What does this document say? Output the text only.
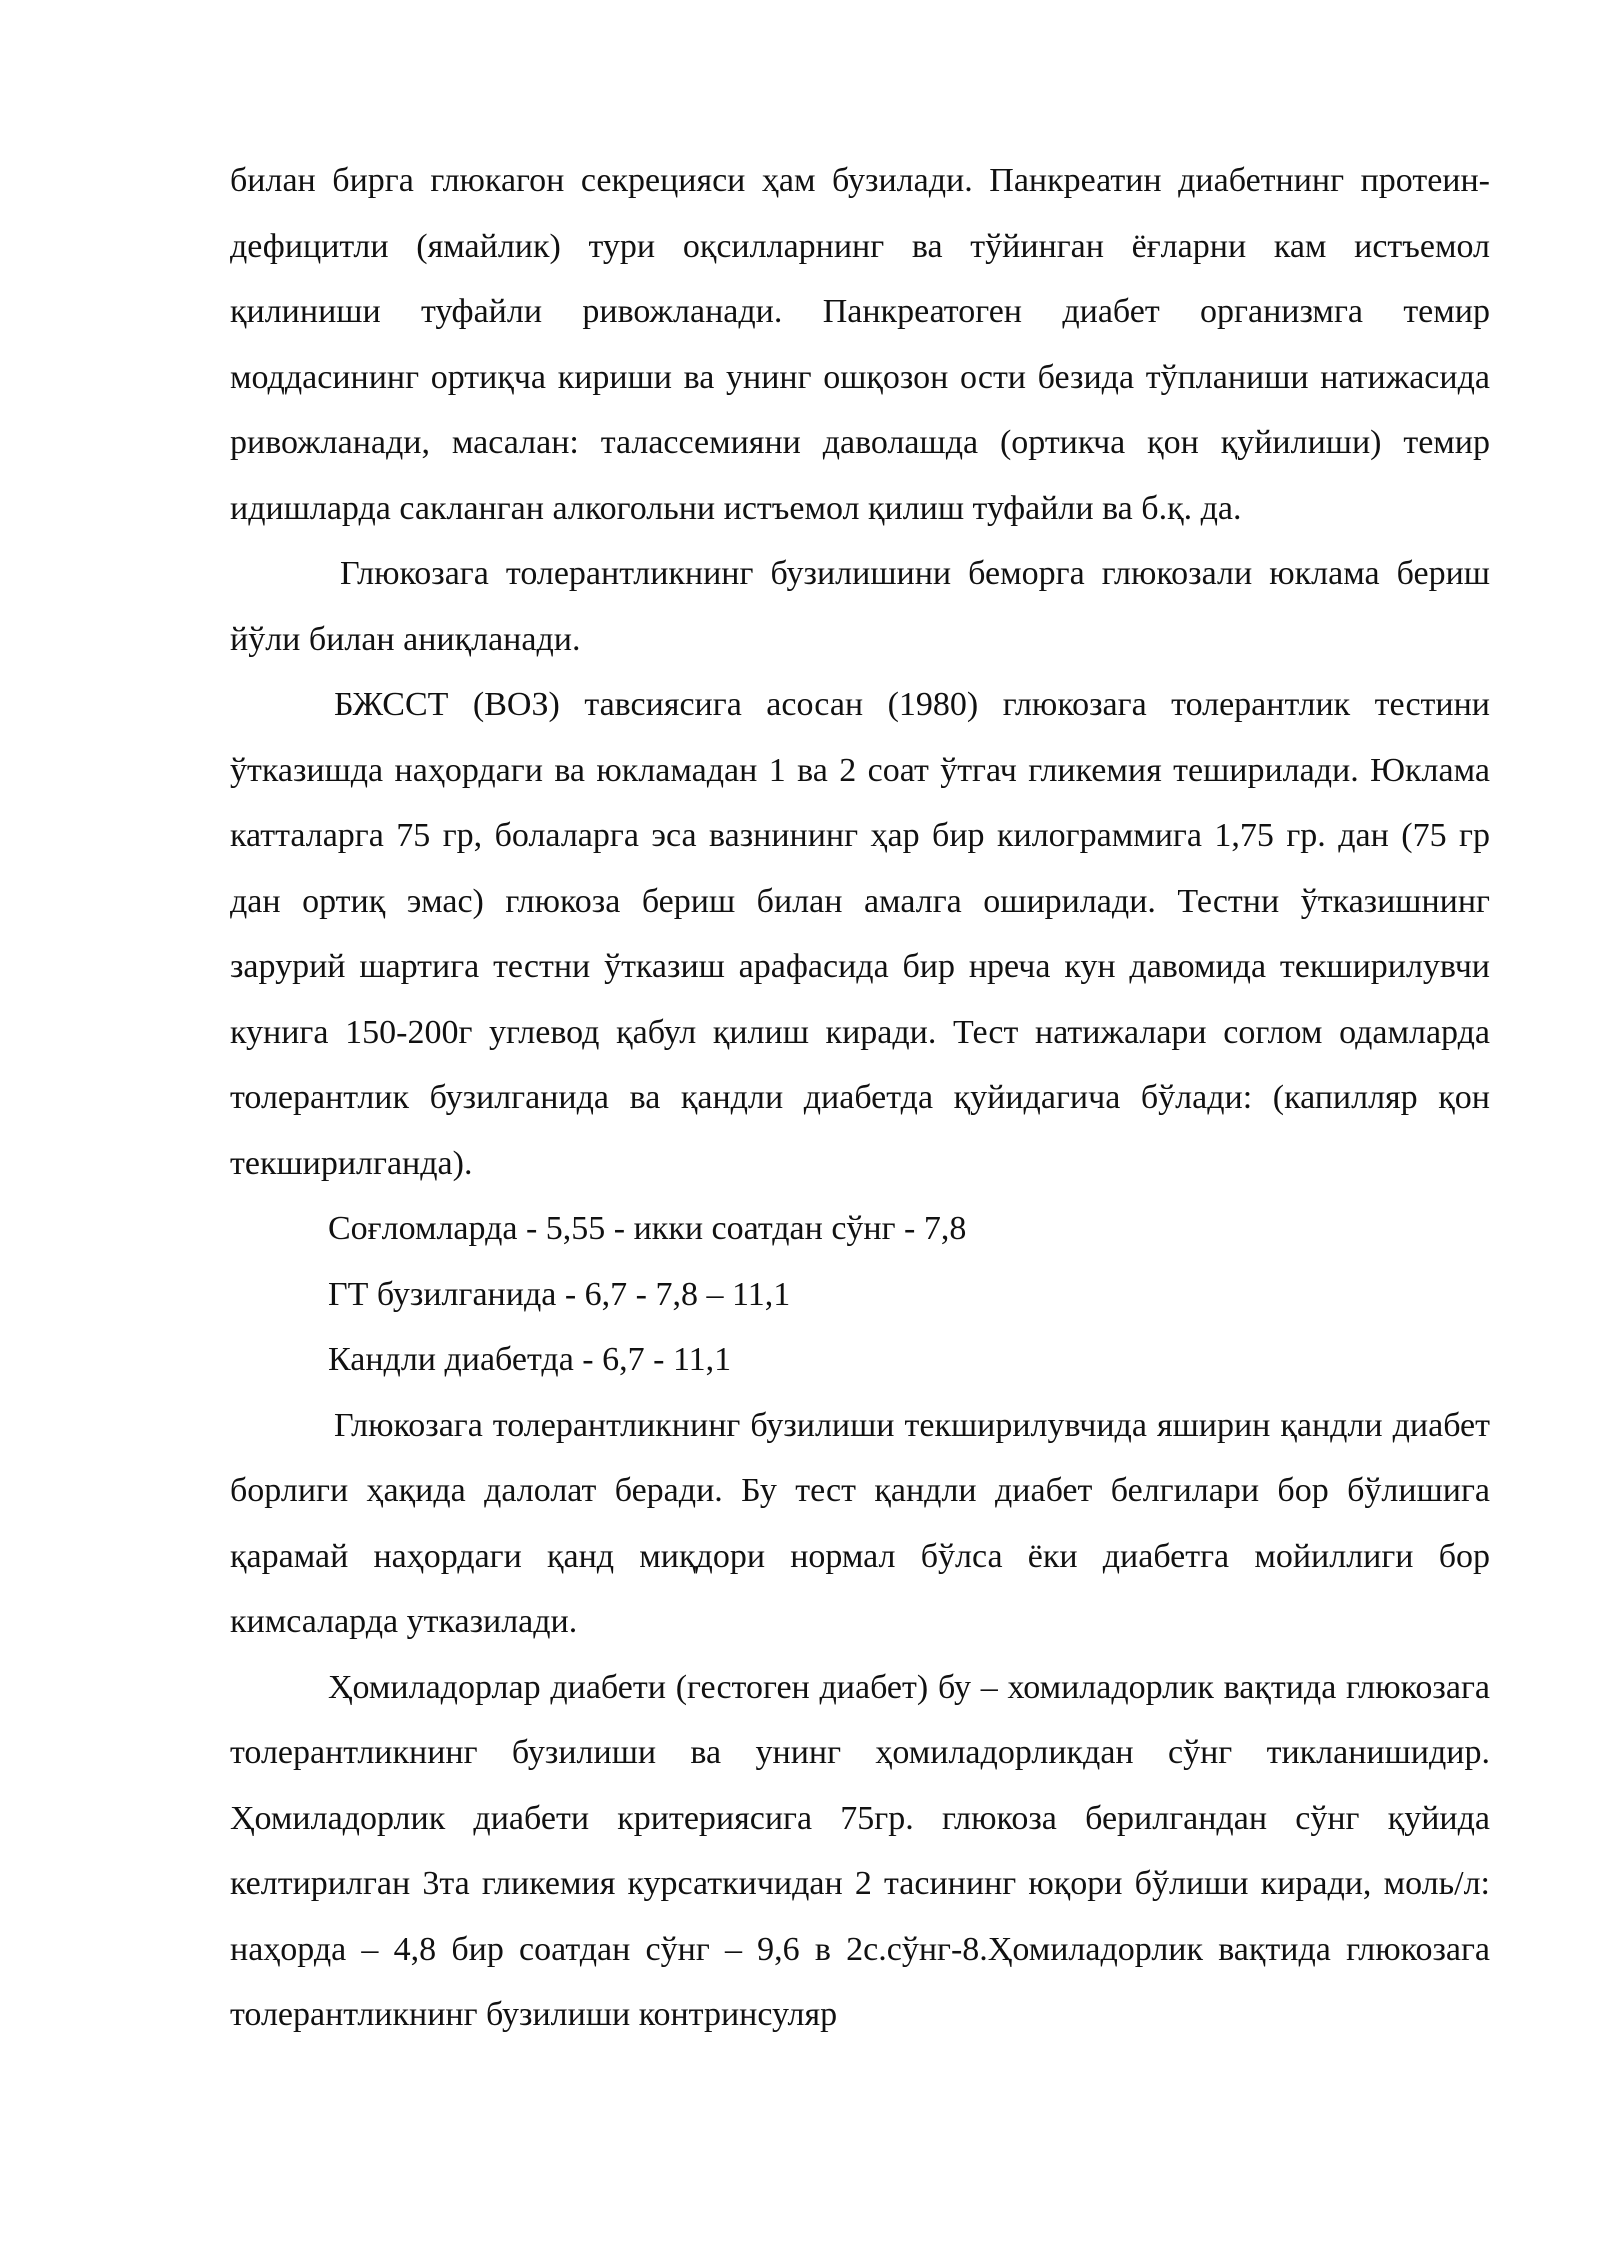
билан бирга глюкагон секрецияси ҳам бузилади. Панкреатин диабетнинг протеин-дефицитли (ямайлик) тури оқсилларнинг ва тўйинган ёғларни кам истъемол қилиниши туфайли ривожланади. Панкреатоген диабет организмга темир моддасининг ортиқча кириши ва унинг ошқозон ости безида тўпланиши натижасида ривожланади, масалан: талассемияни даволашда (ортикча қон қуйилиши) темир идишларда сакланган алкогольни истъемол қилиш туфайли ва б.қ. да.

Глюкозага толерантликнинг бузилишини беморга глюкозали юклама бериш йўли билан аниқланади.

БЖССТ (ВОЗ) тавсиясига асосан (1980) глюкозага толерантлик тестини ўтказишда наҳордаги ва юкламадан 1 ва 2 соат ўтгач гликемия теширилади. Юклама катталарга 75 гр, болаларга эса вазнининг ҳар бир килограммига 1,75 гр. дан (75 гр дан ортиқ эмас) глюкоза бериш билан амалга оширилади. Тестни ўтказишнинг зарурий шартига тестни ўтказиш арафасида бир нреча кун давомида текширилувчи кунига 150-200г углевод қабул қилиш киради. Тест натижалари соглом одамларда толерантлик бузилганида ва қандли диабетда қуйидагича бўлади: (капилляр қон текширилганда).

Соғломларда - 5,55 - икки соатдан сўнг - 7,8

ГТ бузилганида - 6,7 - 7,8 – 11,1

Кандли диабетда - 6,7 - 11,1

Глюкозага толерантликнинг бузилиши текширилувчида яширин қандли диабет борлиги ҳақида далолат беради. Бу тест қандли диабет белгилари бор бўлишига қарамай наҳордаги қанд миқдори нормал бўлса ёки диабетга мойиллиги бор кимсаларда утказилади.

Ҳомиладорлар диабети (гестоген диабет) бу – хомиладорлик вақтида глюкозага толерантликнинг бузилиши ва унинг ҳомиладорликдан сўнг тикланишидир. Ҳомиладорлик диабети критериясига 75гр. глюкоза берилгандан сўнг қуйида келтирилган 3та гликемия курсаткичидан 2 тасининг юқори бўлиши киради, моль/л: наҳорда – 4,8 бир соатдан сўнг – 9,6 в 2с.сўнг-8.Ҳомиладорлик вақтида глюкозага толерантликнинг бузилиши контринсуляр
